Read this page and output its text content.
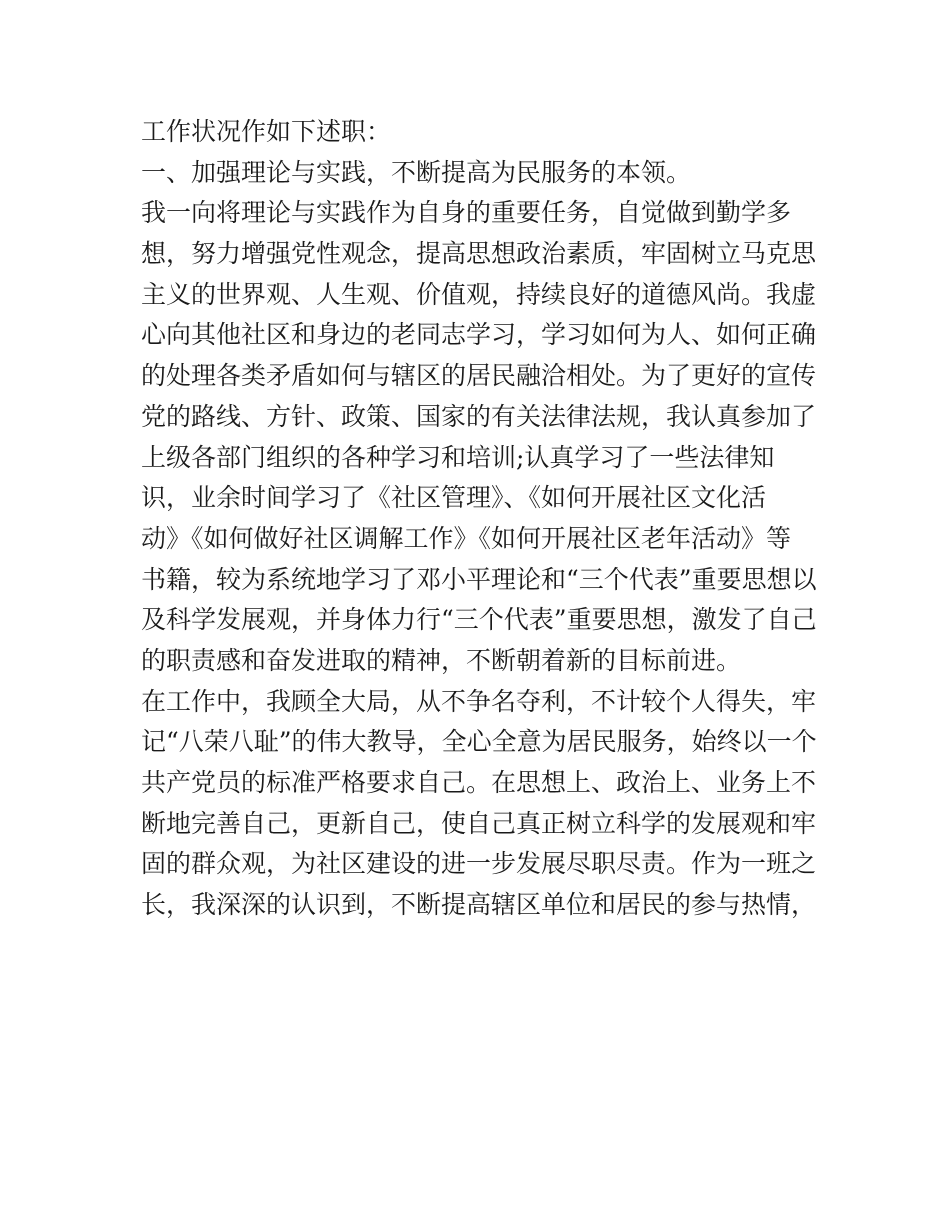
工作状况作如下述职：
一、加强理论与实践，不断提高为民服务的本领。
我一向将理论与实践作为自身的重要任务，自觉做到勤学多
想，努力增强党性观念，提高思想政治素质，牢固树立马克思
主义的世界观、人生观、价值观，持续良好的道德风尚。我虚
心向其他社区和身边的老同志学习，学习如何为人、如何正确
的处理各类矛盾如何与辖区的居民融洽相处。为了更好的宣传
党的路线、方针、政策、国家的有关法律法规，我认真参加了
上级各部门组织的各种学习和培训;认真学习了一些法律知
识，业余时间学习了《社区管理》、《如何开展社区文化活
动》《如何做好社区调解工作》《如何开展社区老年活动》等
书籍，较为系统地学习了邓小平理论和“三个代表”重要思想以
及科学发展观，并身体力行“三个代表”重要思想，激发了自己
的职责感和奋发进取的精神，不断朝着新的目标前进。
在工作中，我顾全大局，从不争名夺利，不计较个人得失，牢
记“八荣八耻”的伟大教导，全心全意为居民服务，始终以一个
共产党员的标准严格要求自己。在思想上、政治上、业务上不
断地完善自己，更新自己，使自己真正树立科学的发展观和牢
固的群众观，为社区建设的进一步发展尽职尽责。作为一班之
长，我深深的认识到，不断提高辖区单位和居民的参与热情，
